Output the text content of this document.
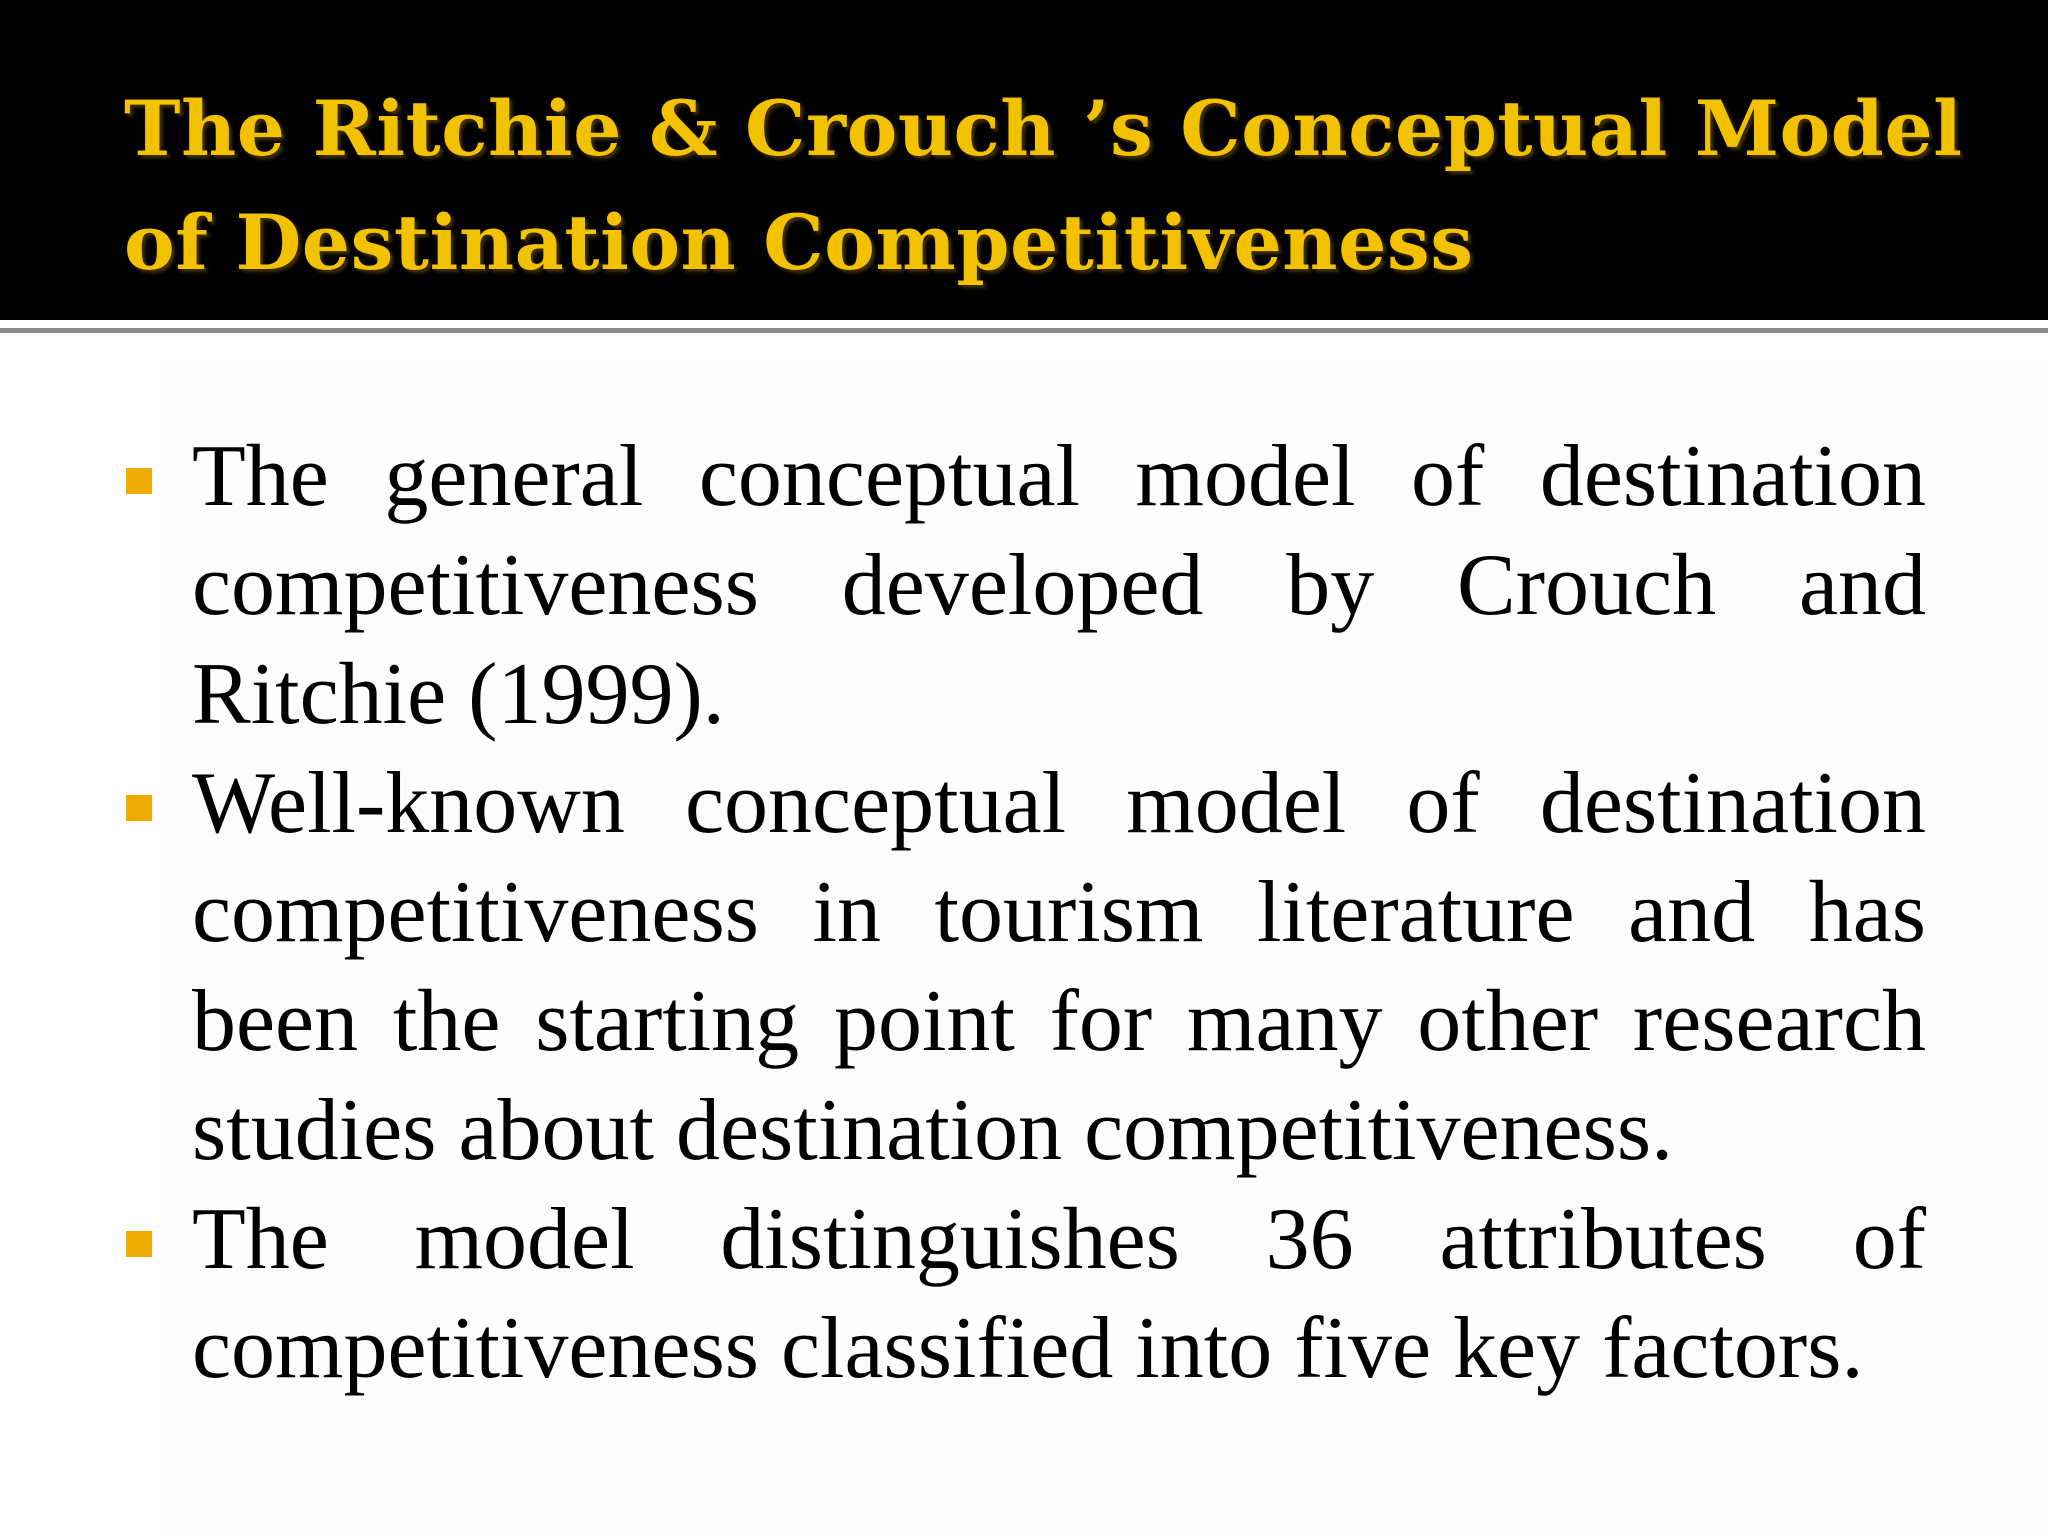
The Ritchie & Crouch ’s Conceptual Model of Destination Competitiveness
The general conceptual model of destination competitiveness developed by Crouch and Ritchie (1999).
Well-known conceptual model of destination competitiveness in tourism literature and has been the starting point for many other research studies about destination competitiveness.
The model distinguishes 36 attributes of competitiveness classified into five key factors.
